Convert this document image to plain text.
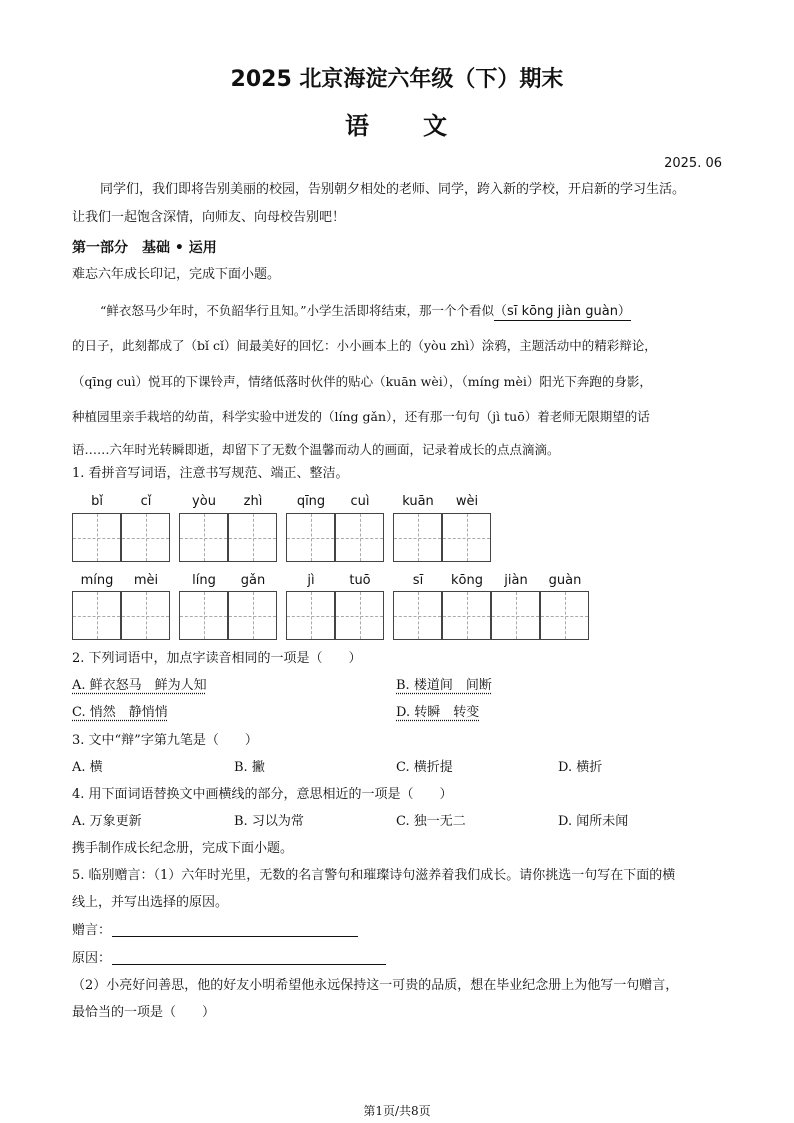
2025 北京海淀六年级（下）期末
语　　文
2025. 06
同学们，我们即将告别美丽的校园，告别朝夕相处的老师、同学，跨入新的学校，开启新的学习生活。
让我们一起饱含深情，向师友、向母校告别吧！
第一部分　基础 • 运用
难忘六年成长印记，完成下面小题。
“鲜衣怒马少年时，不负韶华行且知。”小学生活即将结束，那一个个看似（sī kōng jiàn guàn）
的日子，此刻都成了（bǐ cǐ）间最美好的回忆：小小画本上的（yòu zhì）涂鸦，主题活动中的精彩辩论，
（qīng cuì）悦耳的下课铃声，情绪低落时伙伴的贴心（kuān wèi），（míng mèi）阳光下奔跑的身影，
种植园里亲手栽培的幼苗，科学实验中迸发的（líng gǎn），还有那一句句（jì tuō）着老师无限期望的话
语……六年时光转瞬即逝，却留下了无数个温馨而动人的画面，记录着成长的点点滴滴。
1. 看拼音写词语，注意书写规范、端正、整洁。
bǐ	cǐ	yòu	zhì	qīng	cuì	kuān	wèi
míng	mèi	líng	gǎn	jì	tuō	sī	kōng	jiàn	guàn
2. 下列词语中，加点字读音相同的一项是（　　）
A. 鲜衣怒马　鲜为人知	B. 楼道间　间断
C. 悄然　静悄悄	D. 转瞬　转变
3. 文中“辩”字第九笔是（　　）
A. 横	B. 撇	C. 横折提	D. 横折
4. 用下面词语替换文中画横线的部分，意思相近的一项是（　　）
A. 万象更新	B. 习以为常	C. 独一无二	D. 闻所未闻
携手制作成长纪念册，完成下面小题。
5. 临别赠言：（1）六年时光里，无数的名言警句和璀璨诗句滋养着我们成长。请你挑选一句写在下面的横
线上，并写出选择的原因。
赠言：
原因：
（2）小亮好问善思，他的好友小明希望他永远保持这一可贵的品质，想在毕业纪念册上为他写一句赠言，
最恰当的一项是（　　）
第1页/共8页
